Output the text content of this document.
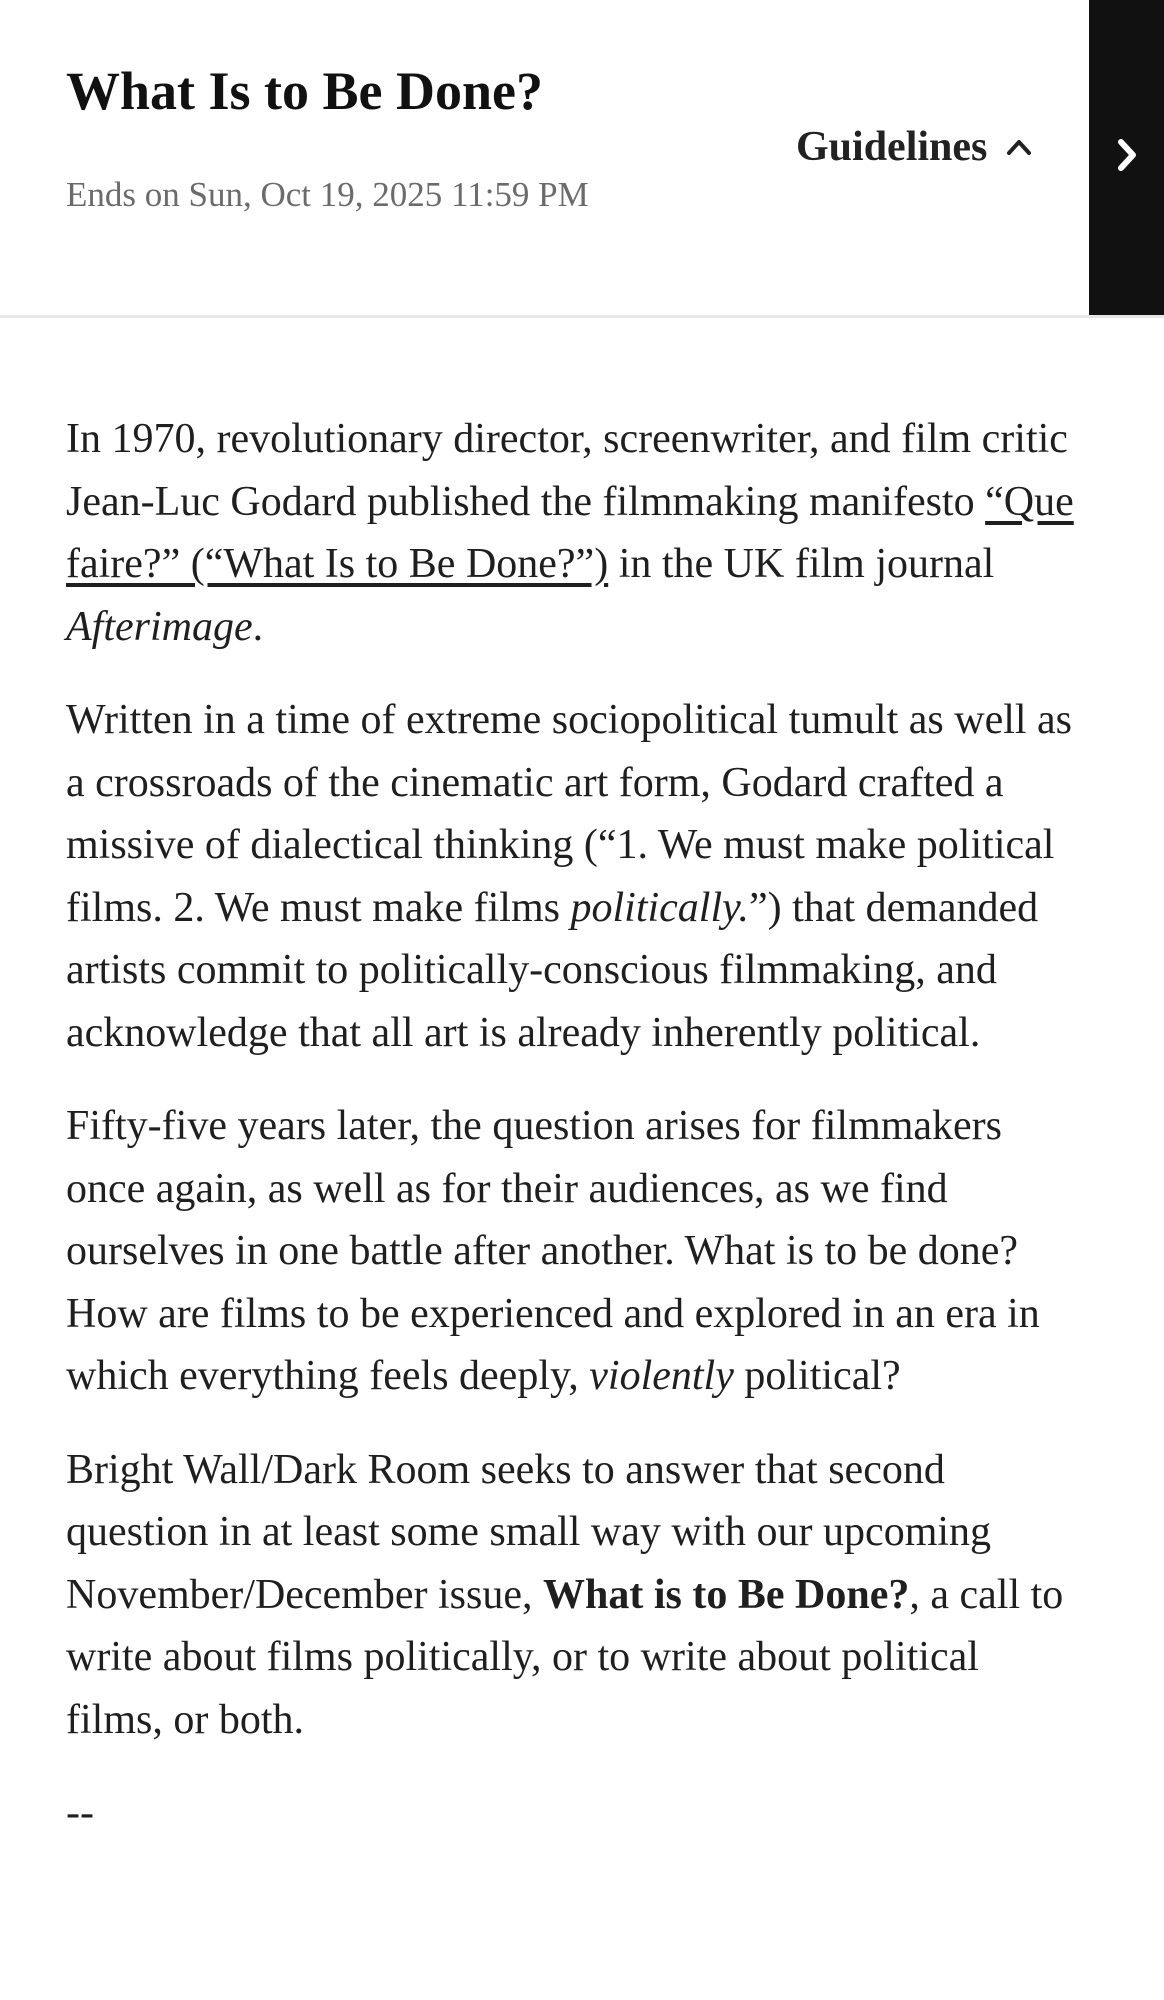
What Is to Be Done?
Ends on Sun, Oct 19, 2025 11:59 PM
Guidelines

In 1970, revolutionary director, screenwriter, and film critic Jean-Luc Godard published the filmmaking manifesto “Que faire?” (“What Is to Be Done?”) in the UK film journal Afterimage.

Written in a time of extreme sociopolitical tumult as well as a crossroads of the cinematic art form, Godard crafted a missive of dialectical thinking (“1. We must make political films. 2. We must make films politically.”) that demanded artists commit to politically-conscious filmmaking, and acknowledge that all art is already inherently political.

Fifty-five years later, the question arises for filmmakers once again, as well as for their audiences, as we find ourselves in one battle after another. What is to be done? How are films to be experienced and explored in an era in which everything feels deeply, violently political?

Bright Wall/Dark Room seeks to answer that second question in at least some small way with our upcoming November/December issue, What is to Be Done?, a call to write about films politically, or to write about political films, or both.

--
